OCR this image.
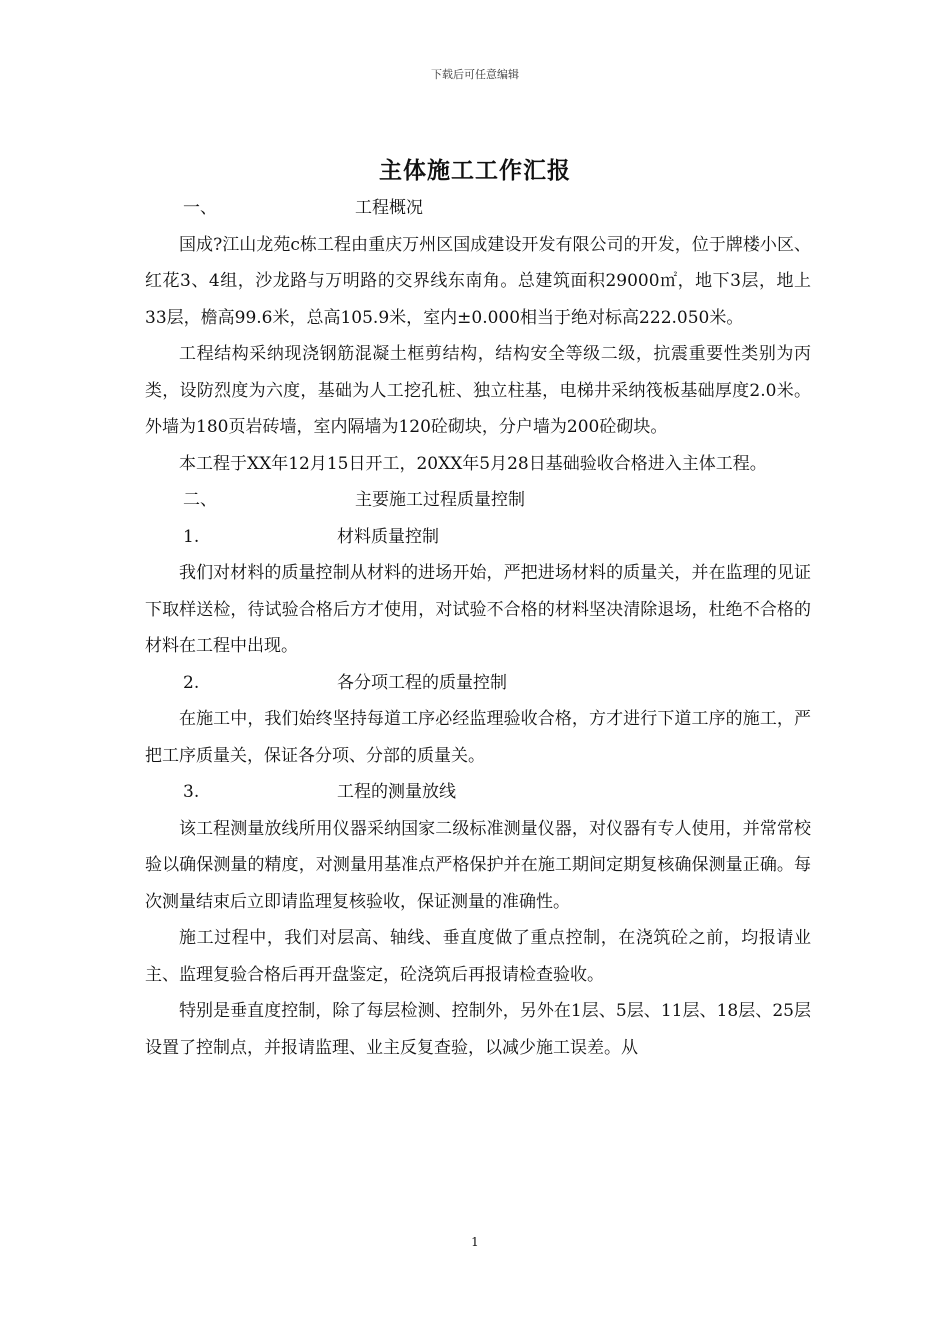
下载后可任意编辑
主体施工工作汇报
一、	工程概况

国成?江山龙苑c栋工程由重庆万州区国成建设开发有限公司的开发，位于牌楼小区、红花3、4组，沙龙路与万明路的交界线东南角。总建筑面积29000㎡，地下3层，地上33层，檐高99.6米，总高105.9米，室内±0.000相当于绝对标高222.050米。

工程结构采纳现浇钢筋混凝土框剪结构，结构安全等级二级，抗震重要性类别为丙类，设防烈度为六度，基础为人工挖孔桩、独立柱基，电梯井采纳筏板基础厚度2.0米。外墙为180页岩砖墙，室内隔墙为120砼砌块，分户墙为200砼砌块。

本工程于XX年12月15日开工，20XX年5月28日基础验收合格进入主体工程。

二、	主要施工过程质量控制
1.	材料质量控制

我们对材料的质量控制从材料的进场开始，严把进场材料的质量关，并在监理的见证下取样送检，待试验合格后方才使用，对试验不合格的材料坚决清除退场，杜绝不合格的材料在工程中出现。

2.	各分项工程的质量控制

在施工中，我们始终坚持每道工序必经监理验收合格，方才进行下道工序的施工，严把工序质量关，保证各分项、分部的质量关。

3.	工程的测量放线

该工程测量放线所用仪器采纳国家二级标准测量仪器，对仪器有专人使用，并常常校验以确保测量的精度，对测量用基准点严格保护并在施工期间定期复核确保测量正确。每次测量结束后立即请监理复核验收，保证测量的准确性。

施工过程中，我们对层高、轴线、垂直度做了重点控制，在浇筑砼之前，均报请业主、监理复验合格后再开盘鉴定，砼浇筑后再报请检查验收。

特别是垂直度控制，除了每层检测、控制外，另外在1层、5层、11层、18层、25层设置了控制点，并报请监理、业主反复查验，以减少施工误差。从

1
